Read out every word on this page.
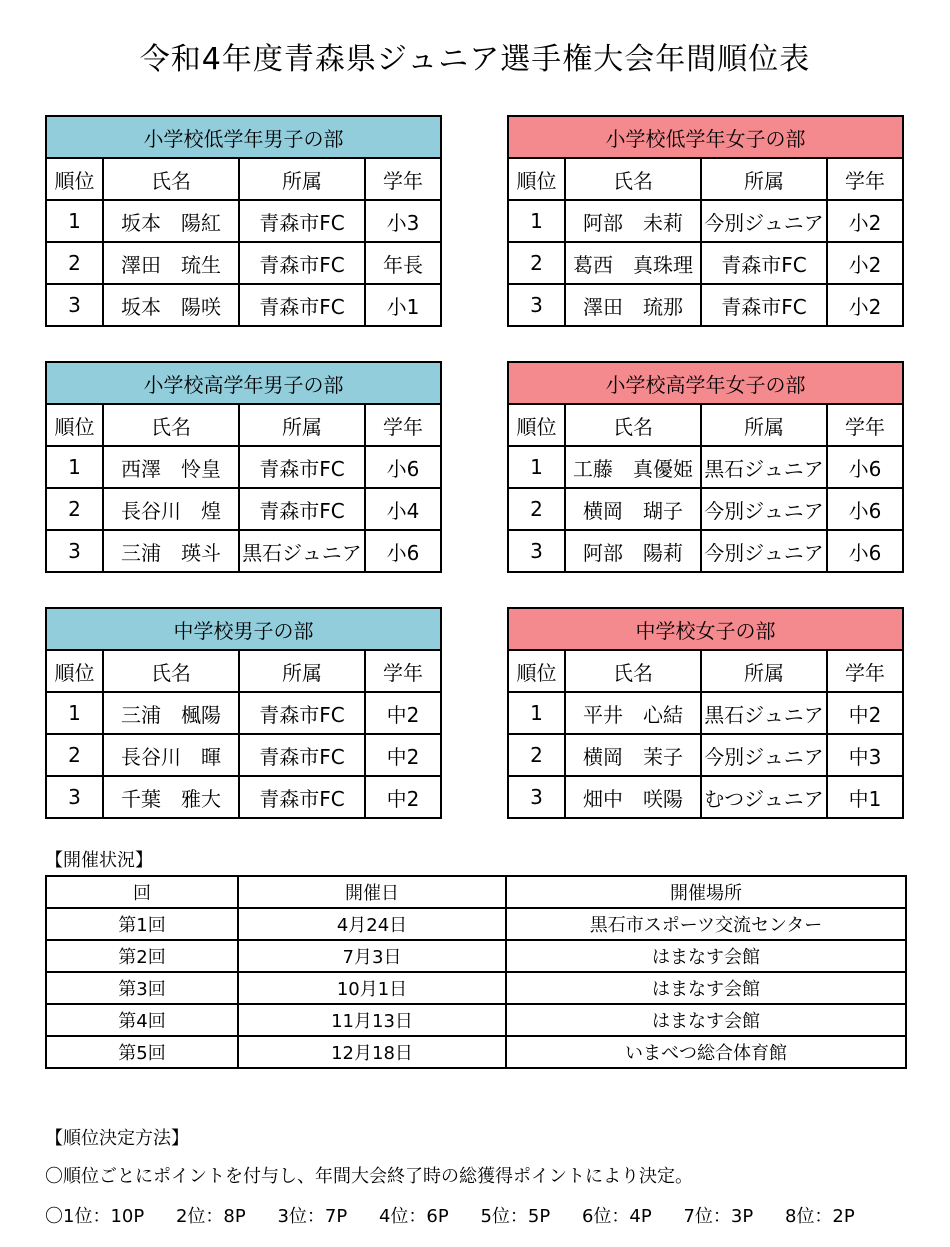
令和4年度青森県ジュニア選手権大会年間順位表
小学校低学年男子の部			
順位	氏名	所属	学年
1	坂本　陽紅	青森市FC	小3
2	澤田　琉生	青森市FC	年長
3	坂本　陽咲	青森市FC	小1
小学校低学年女子の部			
順位	氏名	所属	学年
1	阿部　未莉	今別ジュニア	小2
2	葛西　真珠理	青森市FC	小2
3	澤田　琉那	青森市FC	小2
小学校高学年男子の部			
順位	氏名	所属	学年
1	西澤　怜皇	青森市FC	小6
2	長谷川　煌	青森市FC	小4
3	三浦　瑛斗	黒石ジュニア	小6
小学校高学年女子の部			
順位	氏名	所属	学年
1	工藤　真優姫	黒石ジュニア	小6
2	横岡　瑚子	今別ジュニア	小6
3	阿部　陽莉	今別ジュニア	小6
中学校男子の部			
順位	氏名	所属	学年
1	三浦　楓陽	青森市FC	中2
2	長谷川　暉	青森市FC	中2
3	千葉　雅大	青森市FC	中2
中学校女子の部			
順位	氏名	所属	学年
1	平井　心結	黒石ジュニア	中2
2	横岡　茉子	今別ジュニア	中3
3	畑中　咲陽	むつジュニア	中1
【開催状況】
回	開催日	開催場所
第1回	4月24日	黒石市スポーツ交流センター
第2回	7月3日	はまなす会館
第3回	10月1日	はまなす会館
第4回	11月13日	はまなす会館
第5回	12月18日	いまべつ総合体育館
【順位決定方法】
〇順位ごとにポイントを付与し、年間大会終了時の総獲得ポイントにより決定。
〇1位：10P 2位：8P 3位：7P 4位：6P 5位：5P 6位：4P 7位：3P 8位：2P
